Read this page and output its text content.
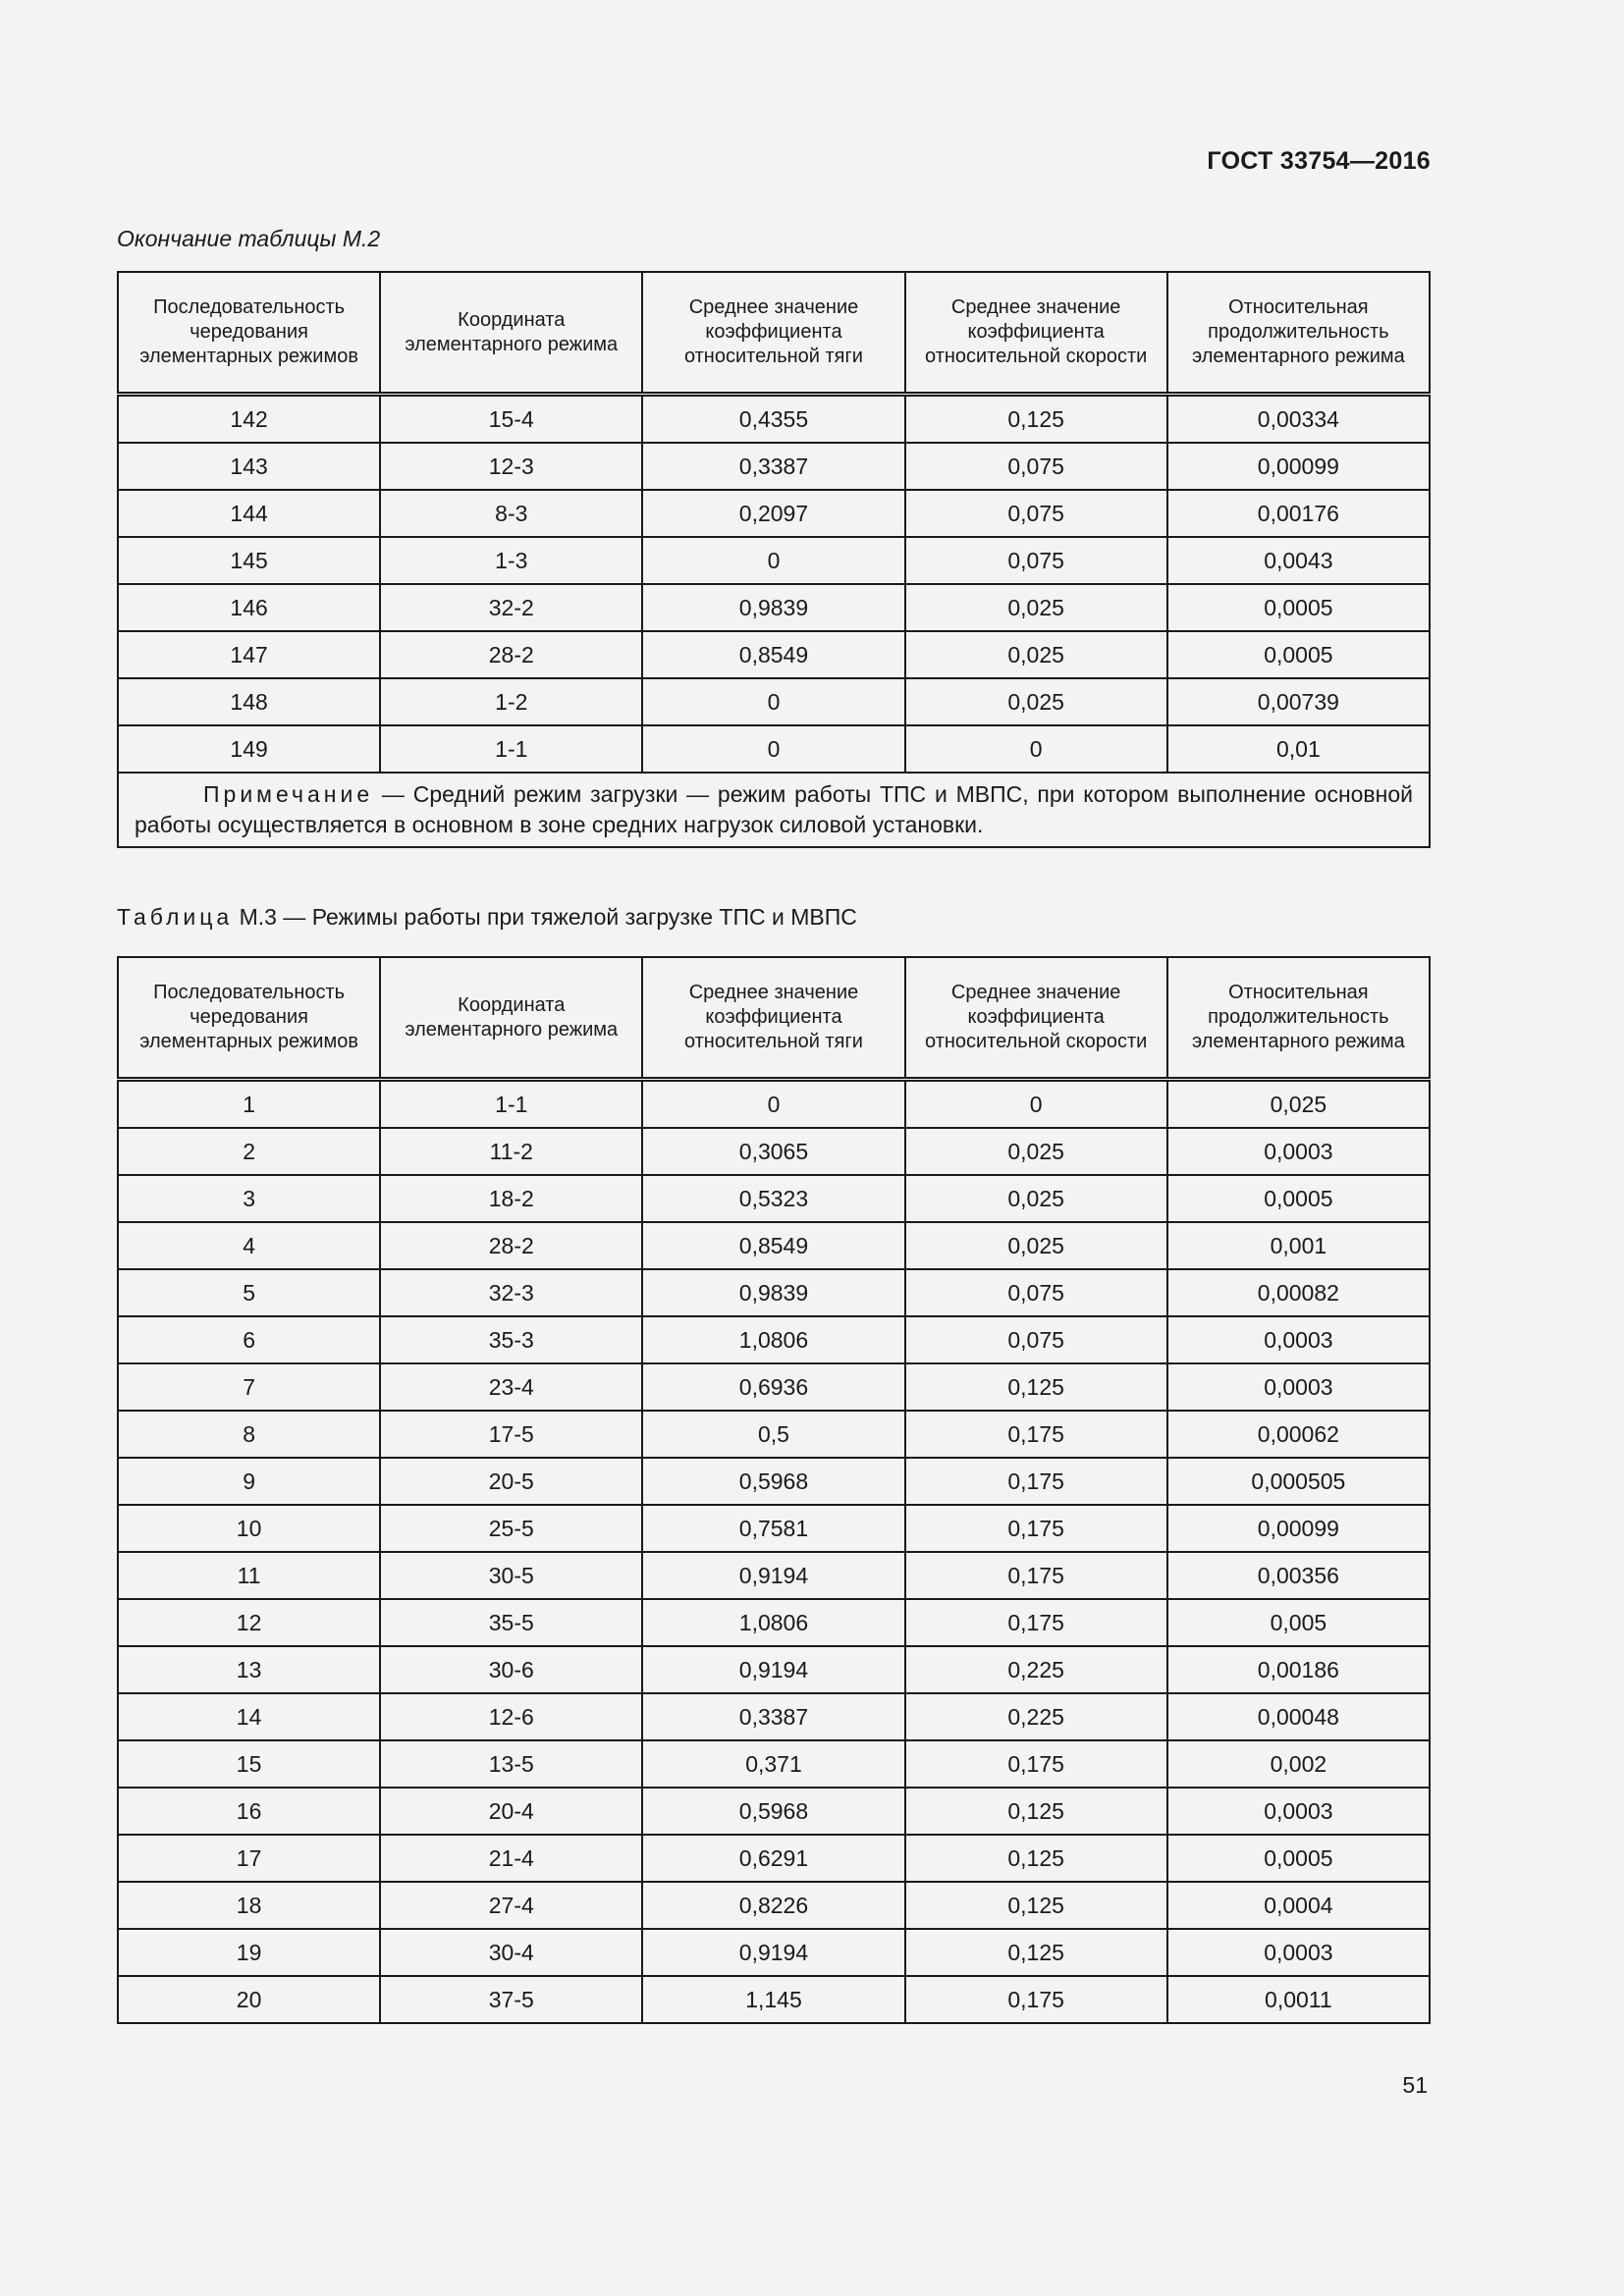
ГОСТ 33754—2016
Окончание таблицы М.2
Последовательность чередования элементарных режимов	Координата элементарного режима	Среднее значение коэффициента относительной тяги	Среднее значение коэффициента относительной скорости	Относительная продолжительность элементарного режима
142	15-4	0,4355	0,125	0,00334
143	12-3	0,3387	0,075	0,00099
144	8-3	0,2097	0,075	0,00176
145	1-3	0	0,075	0,0043
146	32-2	0,9839	0,025	0,0005
147	28-2	0,8549	0,025	0,0005
148	1-2	0	0,025	0,00739
149	1-1	0	0	0,01
Примечание — Средний режим загрузки — режим работы ТПС и МВПС, при котором выполнение основной работы осуществляется в основном в зоне средних нагрузок силовой установки.				
Таблица М.3 — Режимы работы при тяжелой загрузке ТПС и МВПС
Последовательность чередования элементарных режимов	Координата элементарного режима	Среднее значение коэффициента относительной тяги	Среднее значение коэффициента относительной скорости	Относительная продолжительность элементарного режима
1	1-1	0	0	0,025
2	11-2	0,3065	0,025	0,0003
3	18-2	0,5323	0,025	0,0005
4	28-2	0,8549	0,025	0,001
5	32-3	0,9839	0,075	0,00082
6	35-3	1,0806	0,075	0,0003
7	23-4	0,6936	0,125	0,0003
8	17-5	0,5	0,175	0,00062
9	20-5	0,5968	0,175	0,000505
10	25-5	0,7581	0,175	0,00099
11	30-5	0,9194	0,175	0,00356
12	35-5	1,0806	0,175	0,005
13	30-6	0,9194	0,225	0,00186
14	12-6	0,3387	0,225	0,00048
15	13-5	0,371	0,175	0,002
16	20-4	0,5968	0,125	0,0003
17	21-4	0,6291	0,125	0,0005
18	27-4	0,8226	0,125	0,0004
19	30-4	0,9194	0,125	0,0003
20	37-5	1,145	0,175	0,0011
51
